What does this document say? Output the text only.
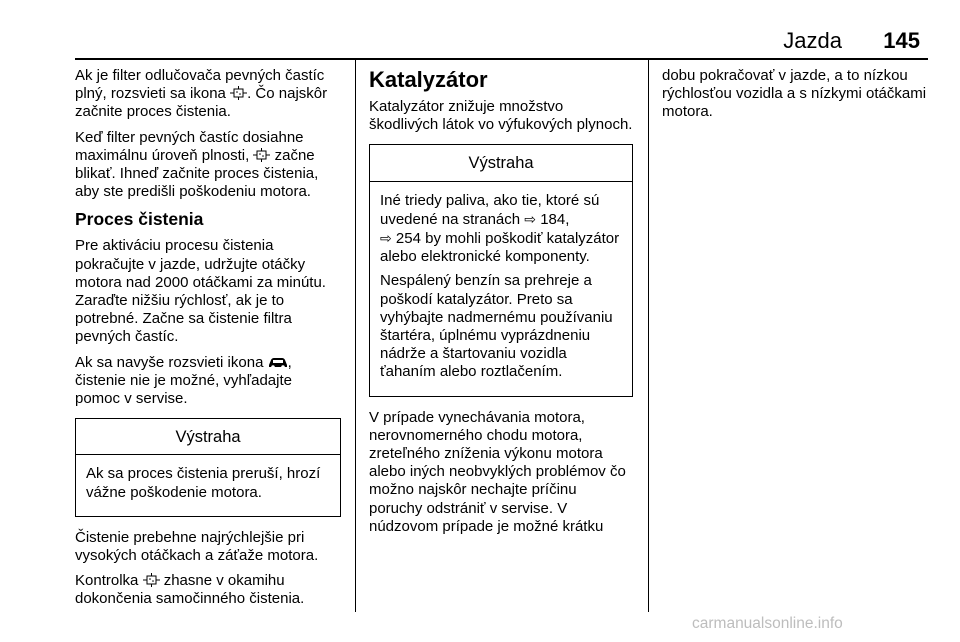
Jazda 145

Ak je filter odlučovača pevných častíc plný, rozsvieti sa ikona . Čo najskôr začnite proces čistenia.

Keď filter pevných častíc dosiahne maximálnu úroveň plnosti, začne blikať. Ihneď začnite proces čistenia, aby ste predišli poškodeniu motora.

Proces čistenia

Pre aktiváciu procesu čistenia pokračujte v jazde, udržujte otáčky motora nad 2000 otáčkami za minútu. Zaraďte nižšiu rýchlosť, ak je to potrebné. Začne sa čistenie filtra pevných častíc.

Ak sa navyše rozsvieti ikona , čistenie nie je možné, vyhľadajte pomoc v servise.

Výstraha

Ak sa proces čistenia preruší, hrozí vážne poškodenie motora.

Čistenie prebehne najrýchlejšie pri vysokých otáčkach a záťaže motora.

Kontrolka zhasne v okamihu dokončenia samočinného čistenia.

Katalyzátor

Katalyzátor znižuje množstvo škodlivých látok vo výfukových plynoch.

Výstraha

Iné triedy paliva, ako tie, ktoré sú uvedené na stranách ⇨ 184,
⇨ 254 by mohli poškodiť katalyzátor alebo elektronické komponenty.

Nespálený benzín sa prehreje a poškodí katalyzátor. Preto sa vyhýbajte nadmernému používaniu štartéra, úplnému vyprázdneniu nádrže a štartovaniu vozidla ťahaním alebo roztlačením.

V prípade vynechávania motora, nerovnomerného chodu motora, zreteľného zníženia výkonu motora alebo iných neobvyklých problémov čo možno najskôr nechajte príčinu poruchy odstrániť v servise. V núdzovom prípade je možné krátku

dobu pokračovať v jazde, a to nízkou rýchlosťou vozidla a s nízkymi otáčkami motora.

carmanualsonline.info
